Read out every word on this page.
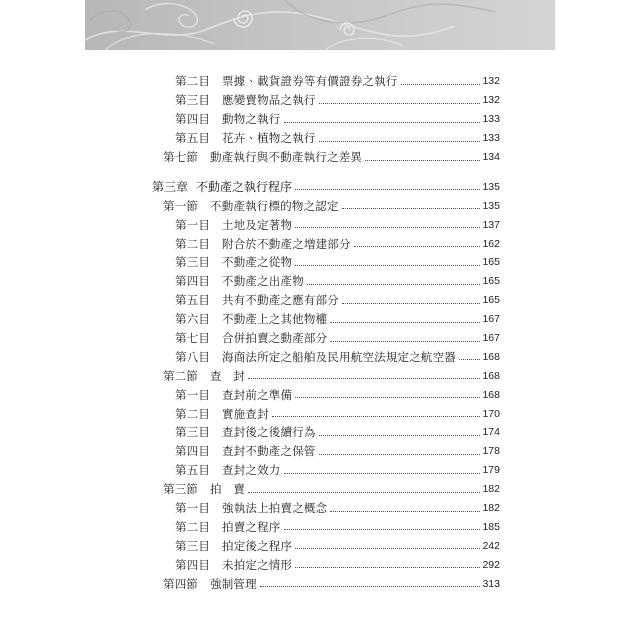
第二目	票據、載貨證券等有價證券之執行	132
第三目	應變賣物品之執行	132
第四目	動物之執行	133
第五目	花卉、植物之執行	133
第七節	動產執行與不動產執行之差異	134
第三章 不動產之執行程序	135
第一節	不動產執行標的物之認定	135
第一目	土地及定著物	137
第二目	附合於不動產之增建部分	162
第三目	不動產之從物	165
第四目	不動產之出產物	165
第五目	共有不動產之應有部分	165
第六目	不動產上之其他物權	167
第七目	合併拍賣之動產部分	167
第八目	海商法所定之船舶及民用航空法規定之航空器	168
第二節	查　封	168
第一目	查封前之準備	168
第二目	實施查封	170
第三目	查封後之後續行為	174
第四目	查封不動產之保管	178
第五目	查封之效力	179
第三節	拍　賣	182
第一目	強執法上拍賣之概念	182
第二目	拍賣之程序	185
第三目	拍定後之程序	242
第四目	未拍定之情形	292
第四節	強制管理	313
